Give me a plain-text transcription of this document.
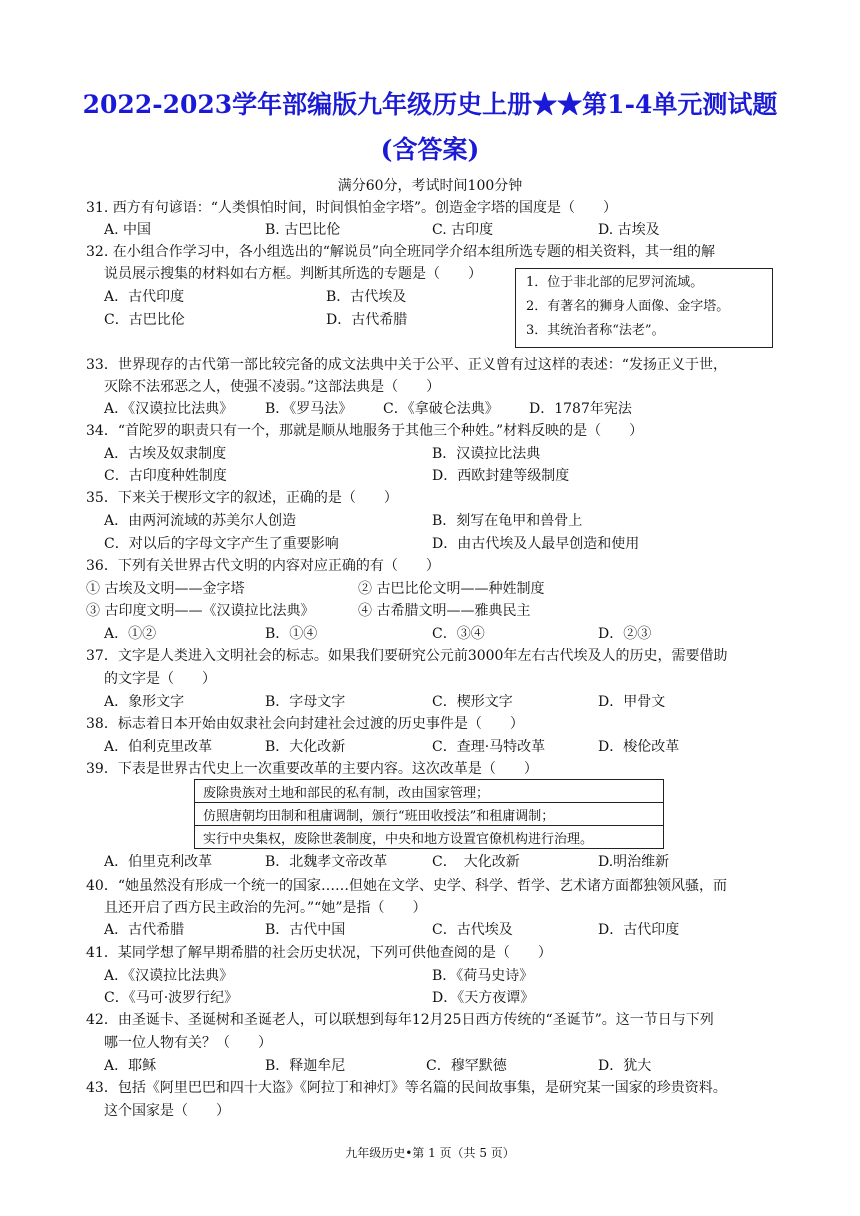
2022-2023学年部编版九年级历史上册★★第1-4单元测试题
(含答案)
满分60分，考试时间100分钟
31. 西方有句谚语：“人类惧怕时间，时间惧怕金字塔”。创造金字塔的国度是（　　）
A. 中国	B. 古巴比伦	C. 古印度	D. 古埃及
32. 在小组合作学习中，各小组选出的“解说员”向全班同学介绍本组所选专题的相关资料，其一组的解
说员展示搜集的材料如右方框。判断其所选的专题是（　　）
A．古代印度	B．古代埃及
C．古巴比伦	D．古代希腊
1．位于非北部的尼罗河流域。
2．有著名的狮身人面像、金字塔。
3．其统治者称“法老”。
33．世界现存的古代第一部比较完备的成文法典中关于公平、正义曾有过这样的表述：“发扬正义于世，
灭除不法邪恶之人，使强不凌弱。”这部法典是（　　）
A．《汉谟拉比法典》 B．《罗马法》 C．《拿破仑法典》 D．1787年宪法
34．“首陀罗的职责只有一个，那就是顺从地服务于其他三个种姓。”材料反映的是（　　）
A．古埃及奴隶制度	B．汉谟拉比法典
C．古印度种姓制度	D．西欧封建等级制度
35．下来关于楔形文字的叙述，正确的是（　　）
A．由两河流域的苏美尔人创造	B．刻写在龟甲和兽骨上
C．对以后的字母文字产生了重要影响	D．由古代埃及人最早创造和使用
36．下列有关世界古代文明的内容对应正确的有（　　）
① 古埃及文明——金字塔	② 古巴比伦文明——种姓制度
③ 古印度文明——《汉谟拉比法典》	④ 古希腊文明——雅典民主
A．①②	B．①④	C．③④	D．②③
37．文字是人类进入文明社会的标志。如果我们要研究公元前3000年左右古代埃及人的历史，需要借助
的文字是（　　）
A．象形文字	B．字母文字	C．楔形文字	D．甲骨文
38．标志着日本开始由奴隶社会向封建社会过渡的历史事件是（　　）
A．伯利克里改革	B．大化改新	C．查理·马特改革	D．梭伦改革
39．下表是世界古代史上一次重要改革的主要内容。这次改革是（　　）
废除贵族对土地和部民的私有制，改由国家管理；
仿照唐朝均田制和租庸调制，颁行“班田收授法”和租庸调制；
实行中央集权，废除世袭制度，中央和地方设置官僚机构进行治理。
A．伯里克利改革	B．北魏孝文帝改革	C．　大化改新	D.明治维新
40．“她虽然没有形成一个统一的国家……但她在文学、史学、科学、哲学、艺术诸方面都独领风骚，而
且还开启了西方民主政治的先河。”“她”是指（　　）
A．古代希腊	B．古代中国	C．古代埃及	D．古代印度
41．某同学想了解早期希腊的社会历史状况，下列可供他查阅的是（　　）
A．《汉谟拉比法典》	B．《荷马史诗》
C．《马可·波罗行纪》	D．《天方夜谭》
42．由圣诞卡、圣诞树和圣诞老人，可以联想到每年12月25日西方传统的“圣诞节”。这一节日与下列
哪一位人物有关？（　　）
A．耶稣	B．释迦牟尼	C．穆罕默德	D．犹大
43．包括《阿里巴巴和四十大盗》《阿拉丁和神灯》等名篇的民间故事集，是研究某一国家的珍贵资料。
这个国家是（　　）
九年级历史•第 1 页（共 5 页）
